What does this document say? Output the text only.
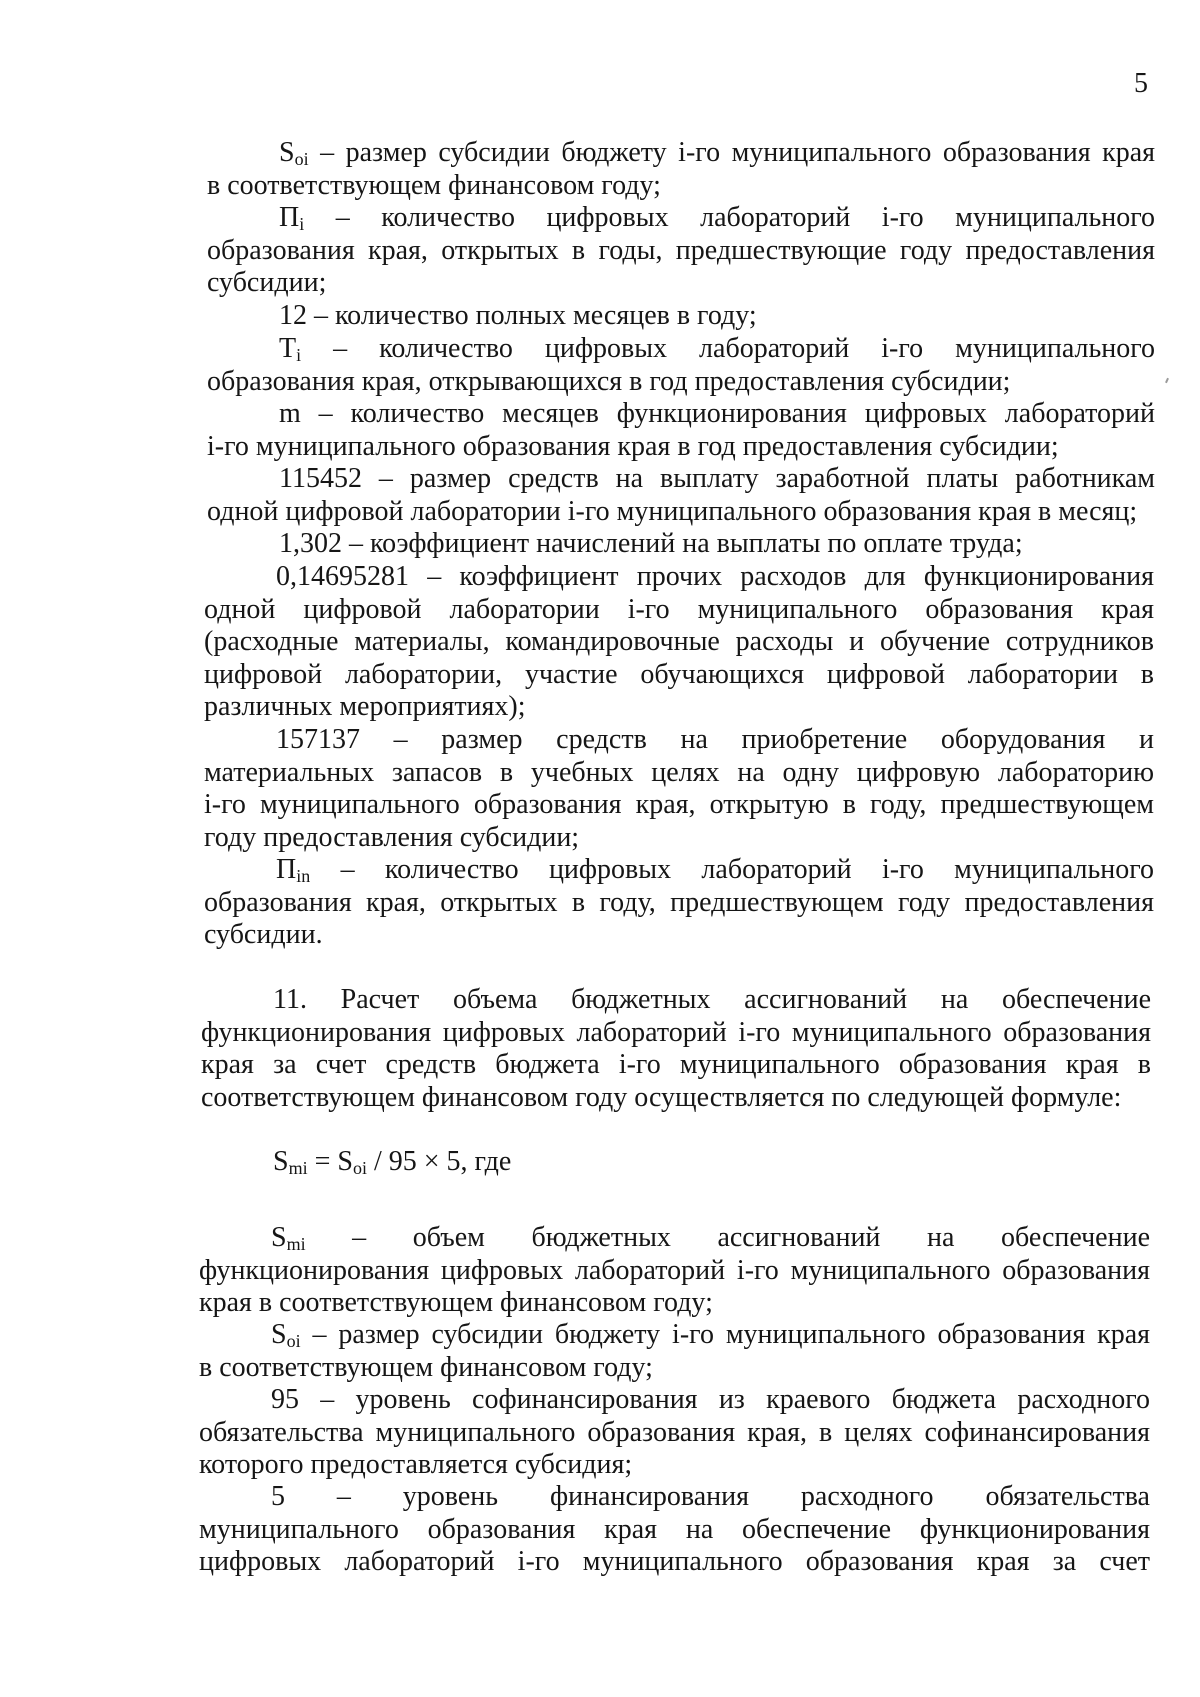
5
$S_{oi}$ – размер субсидии бюджету i-го муниципального образования края
в соответствующем финансовом году;
$П_i$ – количество цифровых лабораторий i-го муниципального
образования края, открытых в годы, предшествующие году предоставления
субсидии;
12 – количество полных месяцев в году;
$T_i$ – количество цифровых лабораторий i-го муниципального
образования края, открывающихся в год предоставления субсидии;
m – количество месяцев функционирования цифровых лабораторий
i-го муниципального образования края в год предоставления субсидии;
115452 – размер средств на выплату заработной платы работникам
одной цифровой лаборатории i-го муниципального образования края в месяц;
1,302 – коэффициент начислений на выплаты по оплате труда;
0,14695281 – коэффициент прочих расходов для функционирования
одной цифровой лаборатории i-го муниципального образования края
(расходные материалы, командировочные расходы и обучение сотрудников
цифровой лаборатории, участие обучающихся цифровой лаборатории в
различных мероприятиях);
157137 – размер средств на приобретение оборудования и
материальных запасов в учебных целях на одну цифровую лабораторию
i-го муниципального образования края, открытую в году, предшествующем
году предоставления субсидии;
$П_{in}$ – количество цифровых лабораторий i-го муниципального
образования края, открытых в году, предшествующем году предоставления
субсидии.
11. Расчет объема бюджетных ассигнований на обеспечение
функционирования цифровых лабораторий i-го муниципального образования
края за счет средств бюджета i-го муниципального образования края в
соответствующем финансовом году осуществляется по следующей формуле:
$S_{mi} = S_{oi} / 95 \times 5$, где
$S_{mi}$ – объем бюджетных ассигнований на обеспечение
функционирования цифровых лабораторий i-го муниципального образования
края в соответствующем финансовом году;
$S_{oi}$ – размер субсидии бюджету i-го муниципального образования края
в соответствующем финансовом году;
95 – уровень софинансирования из краевого бюджета расходного
обязательства муниципального образования края, в целях софинансирования
которого предоставляется субсидия;
5 – уровень финансирования расходного обязательства
муниципального образования края на обеспечение функционирования
цифровых лабораторий i-го муниципального образования края за счет
